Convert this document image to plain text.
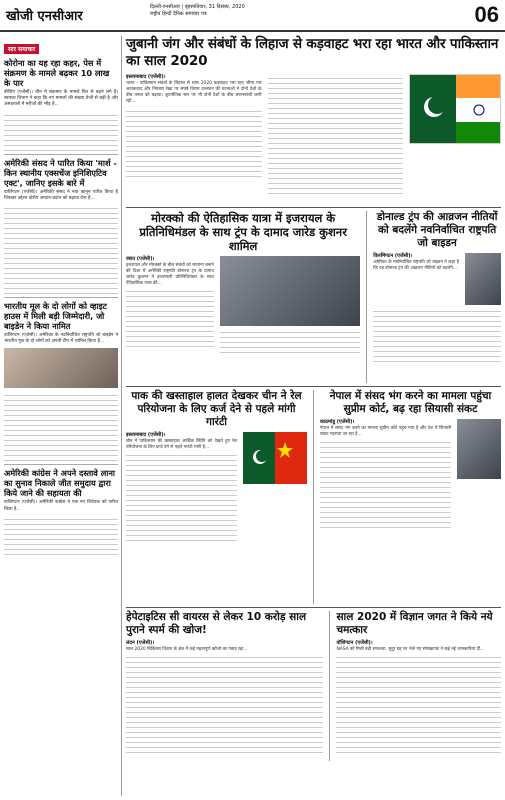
खोजी एनसीआर
दिल्ली-एनसीआर | बृहस्पतिवार, 31 दिसंबर, 2020
राष्ट्रीय हिन्दी दैनिक समाचार पत्र	06
सार समाचार
कोरोना का यह रहा कहर, पेस में संक्रमण के मामले बढ़कर 10 लाख के पार
बीजिंग (एजेंसी)। चीन में संक्रमण के मामले फिर से बढ़ने लगे हैं। स्वास्थ्य विभाग ने कहा कि नए मामलों की संख्या तेजी से बढ़ी है और अस्पतालों में मरीजों की भीड़ है...
अमेरिकी संसद ने पारित किया 'मार्श - किन स्थानीय एक्सचेंज इनिशिएटिव एक्ट', जानिए इसके बारे में
वाशिंगटन (एजेंसी)। अमेरिकी संसद ने नया कानून पारित किया है जिसका उद्देश्य क्षेत्रीय आदान-प्रदान को बढ़ावा देना है...
भारतीय मूल के दो लोगों को व्हाइट हाउस में मिली बड़ी जिम्मेदारी, जो बाइडेन ने किया नामित
वाशिंगटन (एजेंसी)। अमेरिका के नवनिर्वाचित राष्ट्रपति जो बाइडेन ने भारतीय मूल के दो लोगों को अपनी टीम में शामिल किया है...
अमेरिकी कांग्रेस ने अपने दस्तावे लाना का सुनाव निकाले जीत समुदाय द्वारा किये जाने की सहायता की
वाशिंगटन (एजेंसी)। अमेरिकी कांग्रेस ने एक नए विधेयक को पारित किया है...
जुबानी जंग और संबंधों के लिहाज से कड़वाहट भरा रहा भारत और पाकिस्तान का साल 2020
इस्लामाबाद (एजेंसी)।
भारत - पाकिस्तान संबंधों के लिहाज से साल 2020 कड़वाहट भरा रहा। सीमा पार आतंकवाद और नियंत्रण रेखा पर संघर्ष विराम उल्लंघन की घटनाओं ने दोनों देशों के बीच तनाव को बढ़ाया। कूटनीतिक स्तर पर भी दोनों देशों के बीच बयानबाजी जारी रही...
मोरक्को की ऐतिहासिक यात्रा में इजरायल के प्रतिनिधिमंडल के साथ ट्रंप के दामाद जारेड कुशनर शामिल
रबात (एजेंसी)।
इजरायल और मोरक्को के बीच संबंधों को सामान्य बनाने की दिशा में अमेरिकी राष्ट्रपति डोनाल्ड ट्रंप के दामाद जारेड कुशनर ने इजरायली प्रतिनिधिमंडल के साथ ऐतिहासिक यात्रा की...
डोनाल्ड ट्रंप की आव्रजन नीतियों को बदलेंगे नवनिर्वाचित राष्ट्रपति जो बाइडन
विलमिंगटन (एजेंसी)।
अमेरिका के नवनिर्वाचित राष्ट्रपति जो बाइडन ने कहा है कि वह डोनाल्ड ट्रंप की आव्रजन नीतियों को बदलेंगे...
पाक की खस्ताहाल हालत देखकर चीन ने रेल परियोजना के लिए कर्ज देने से पहले मांगी गारंटी
इस्लामाबाद (एजेंसी)।
चीन ने पाकिस्तान की खस्ताहाल आर्थिक स्थिति को देखते हुए रेल परियोजना के लिए कर्ज देने से पहले गारंटी मांगी है...
नेपाल में संसद भंग करने का मामला पहुंचा सुप्रीम कोर्ट, बढ़ रहा सियासी संकट
काठमांडू (एजेंसी)।
नेपाल में संसद भंग करने का मामला सुप्रीम कोर्ट पहुंच गया है और देश में सियासी संकट गहराता जा रहा है...
हेपेटाइटिस सी वायरस से लेकर 10 करोड़ साल पुराने स्पर्म की खोज!
लंदन (एजेंसी)।
साल 2020 चिकित्सा विज्ञान के क्षेत्र में कई महत्वपूर्ण खोजों का गवाह रहा...
साल 2020 में विज्ञान जगत ने किये नये चमत्कार
वॉशिंगटन (एजेंसी)।
NASA को मिली बड़ी सफलता, सुदूर ग्रह पर भेजे गए स्पेसक्राफ्ट ने कई नई जानकारियां दीं...
